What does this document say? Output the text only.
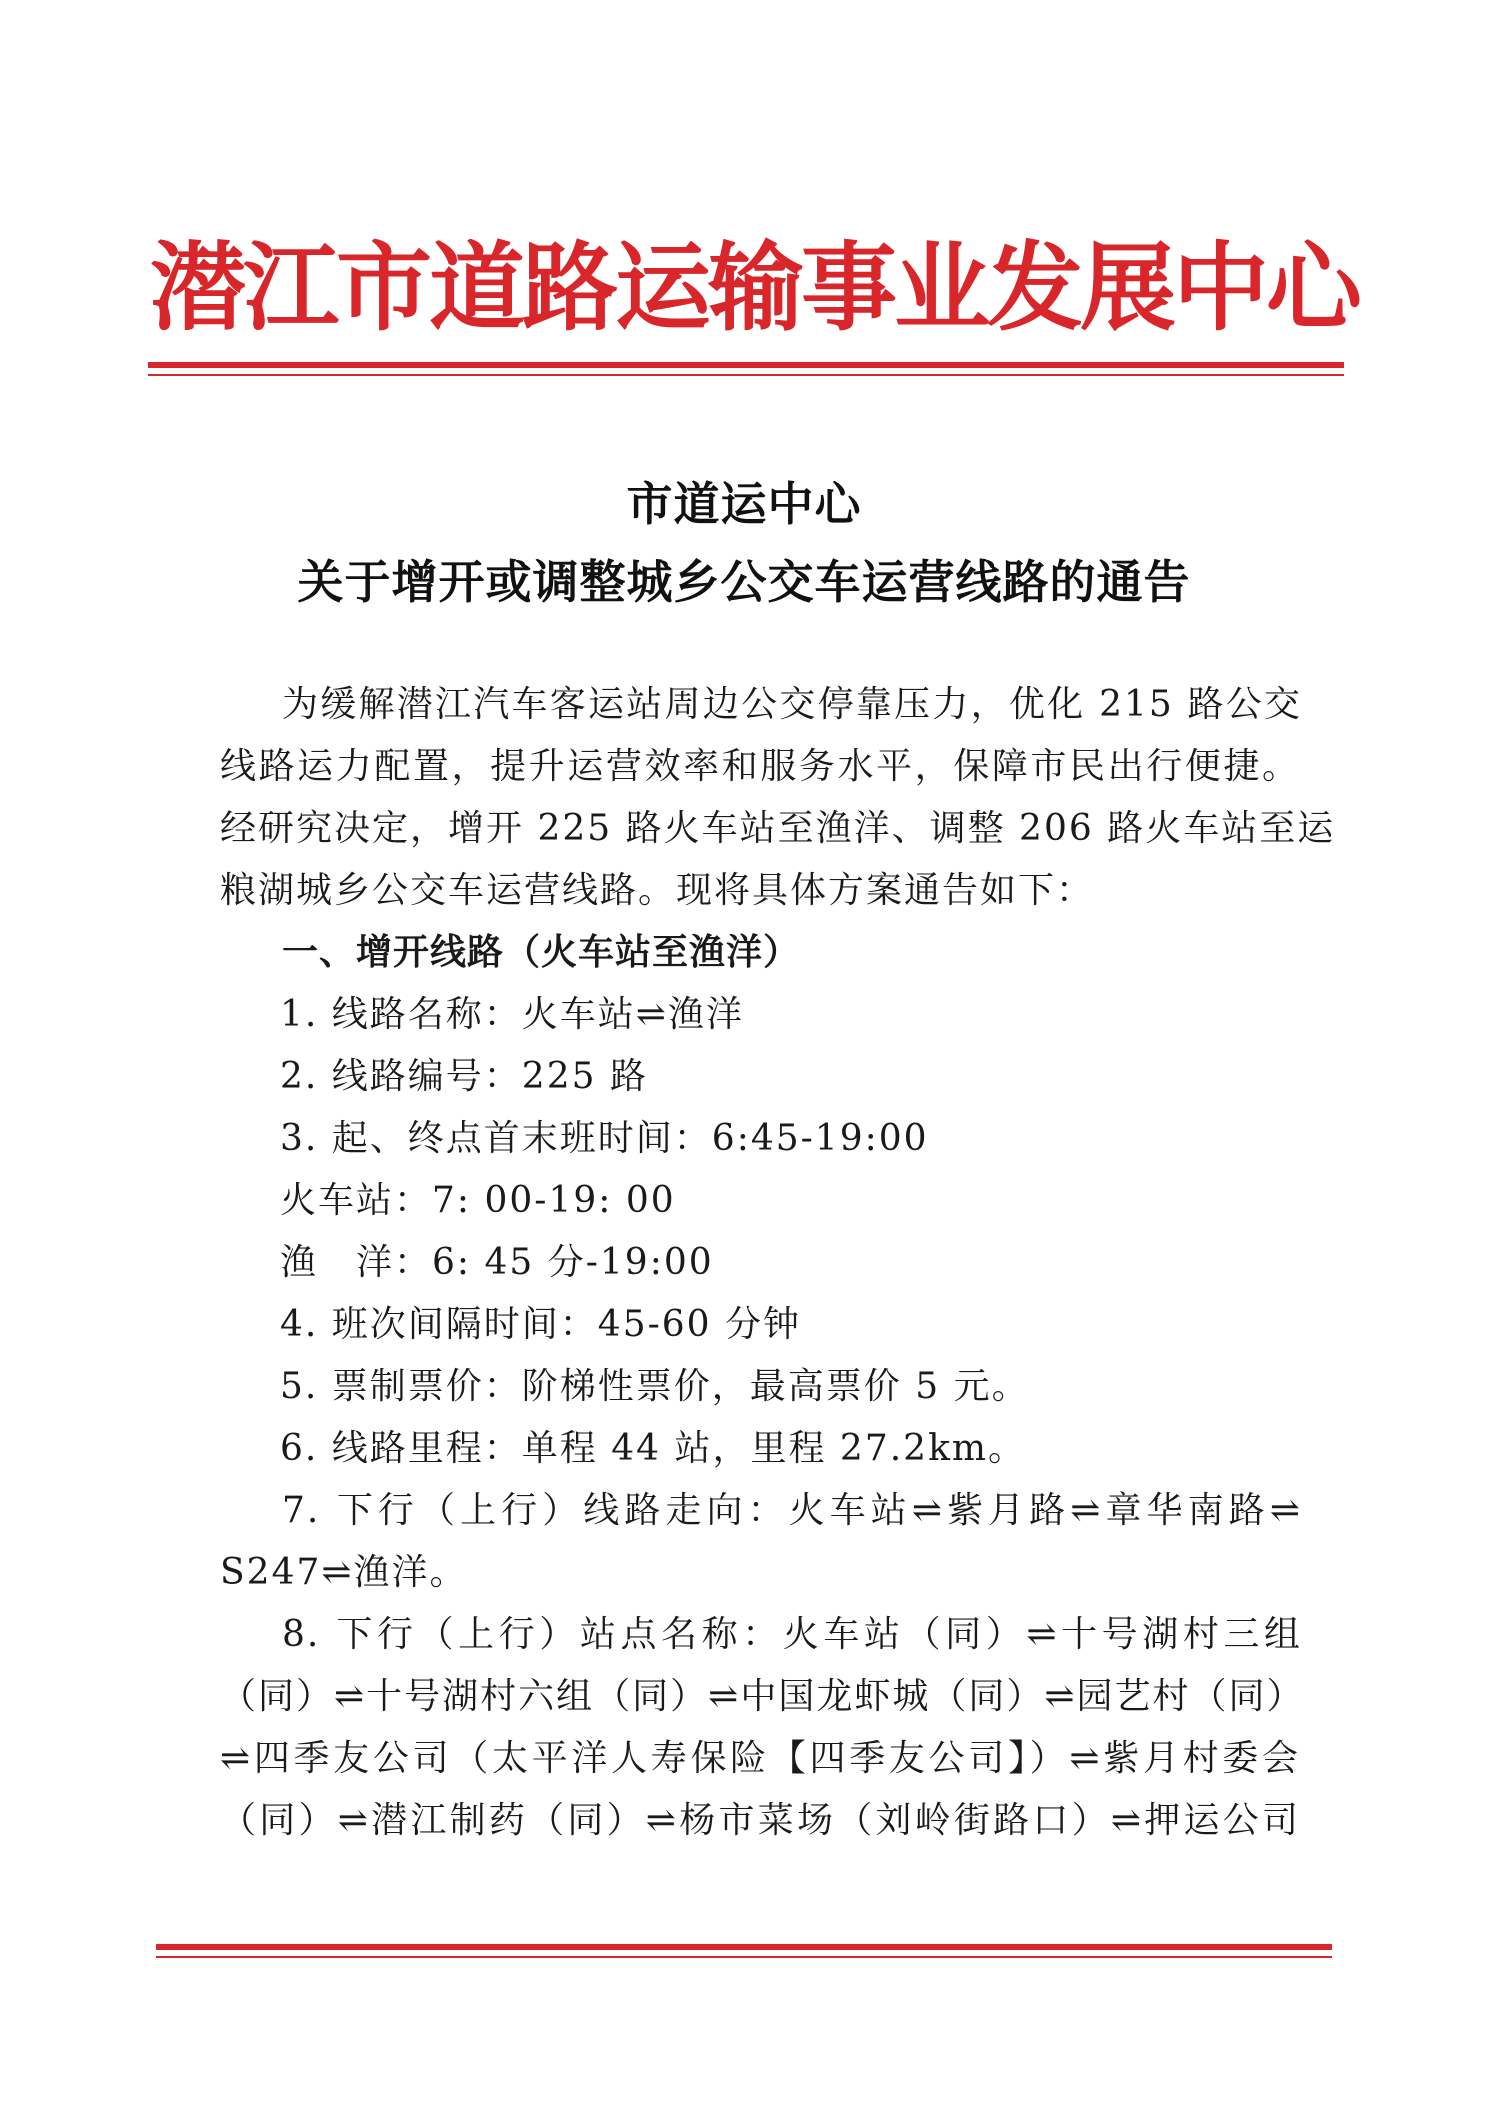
潜江市道路运输事业发展中心
市道运中心
关于增开或调整城乡公交车运营线路的通告
为缓解潜江汽车客运站周边公交停靠压力，优化 215 路公交
线路运力配置，提升运营效率和服务水平，保障市民出行便捷。
经研究决定，增开 225 路火车站至渔洋、调整 206 路火车站至运
粮湖城乡公交车运营线路。现将具体方案通告如下：
一、增开线路（火车站至渔洋）
1. 线路名称：火车站⇌渔洋
2. 线路编号：225 路
3. 起、终点首末班时间：6:45-19:00
火车站：7: 00-19: 00
渔　洋：6: 45 分-19:00
4. 班次间隔时间：45-60 分钟
5. 票制票价：阶梯性票价，最高票价 5 元。
6. 线路里程：单程 44 站，里程 27.2km。
7. 下行（上行）线路走向：火车站⇌紫月路⇌章华南路⇌
S247⇌渔洋。
8. 下行（上行）站点名称：火车站（同）⇌十号湖村三组
（同）⇌十号湖村六组（同）⇌中国龙虾城（同）⇌园艺村（同）
⇌四季友公司（太平洋人寿保险【四季友公司】）⇌紫月村委会
（同）⇌潜江制药（同）⇌杨市菜场（刘岭街路口）⇌押运公司
